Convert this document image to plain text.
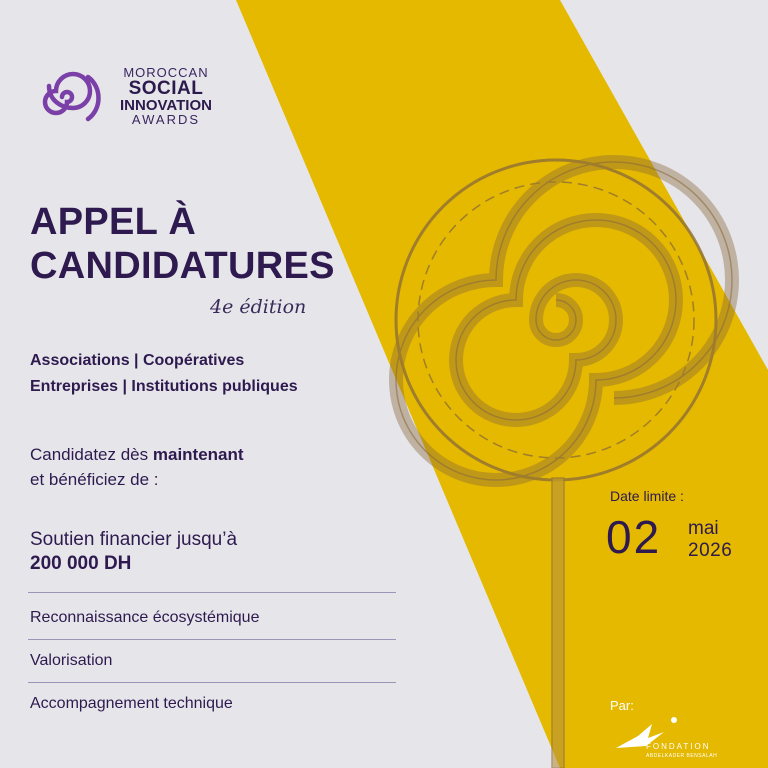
MOROCCAN
SOCIAL
INNOVATION
AWARDS
APPEL À
CANDIDATURES
4e édition
Associations | Coopératives
Entreprises | Institutions publiques
Candidatez dès maintenant
et bénéficiez de :
Soutien financier jusqu’à
200 000 DH
Reconnaissance écosystémique
Valorisation
Accompagnement technique
Date limite :
02 mai
2026
Par:
FONDATION
ABDELKADER BENSALAH
